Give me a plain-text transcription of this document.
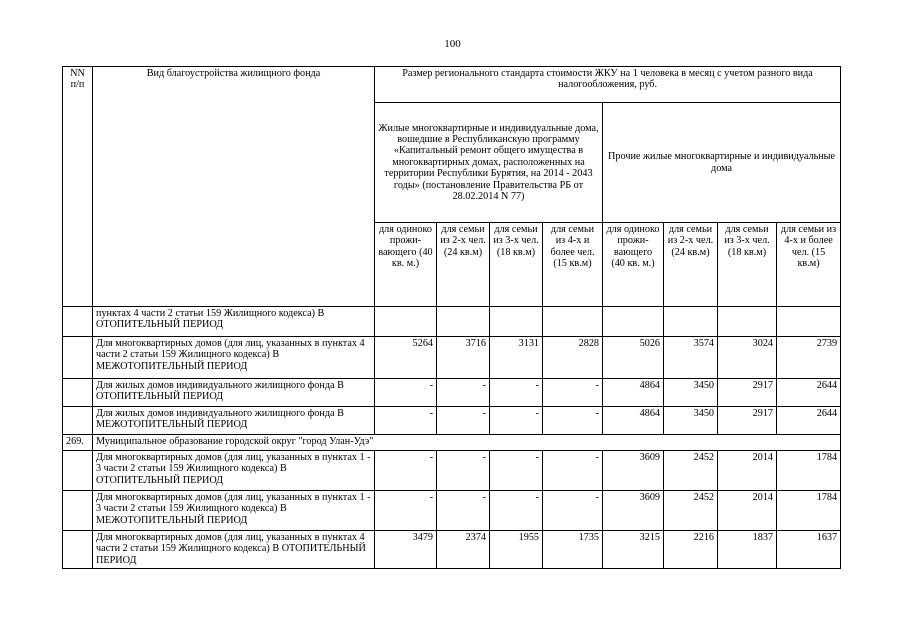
100
NN п/п	Вид благоустройства жилищного фонда	Размер регионального стандарта стоимости ЖКУ на 1 человека в месяц с учетом разного вида налогообложения, руб.							
		Жилые многоквартирные и индивидуальные дома, вошедшие в Республиканскую программу «Капитальный ремонт общего имущества в многоквартирных домах, расположенных на территории Республики Бурятия, на 2014 - 2043 годы» (постановление Правительства РБ от 28.02.2014 N 77)				Прочие жилые многоквартирные и индивидуальные дома			
		для одиноко прожи- вающего (40 кв. м.)	для семьи из 2-х чел. (24 кв.м)	для семьи из 3-х чел. (18 кв.м)	для семьи из 4-х и более чел. (15 кв.м)	для одиноко прожи- вающего (40 кв. м.)	для семьи из 2-х чел. (24 кв.м)	для семьи из 3-х чел. (18 кв.м)	для семьи из 4-х и более чел. (15 кв.м)
	пунктах 4 части 2 статьи 159 Жилищного кодекса) В ОТОПИТЕЛЬНЫЙ ПЕРИОД								
	Для многоквартирных домов (для лиц, указанных в пунктах 4 части 2 статьи 159 Жилищного кодекса) В МЕЖОТОПИТЕЛЬНЫЙ ПЕРИОД	5264	3716	3131	2828	5026	3574	3024	2739
	Для жилых домов индивидуального жилищного фонда В ОТОПИТЕЛЬНЫЙ ПЕРИОД	-	-	-	-	4864	3450	2917	2644
	Для жилых домов индивидуального жилищного фонда В МЕЖОТОПИТЕЛЬНЫЙ ПЕРИОД	-	-	-	-	4864	3450	2917	2644
269.	Муниципальное образование городской округ "город Улан-Удэ"								
	Для многоквартирных домов (для лиц, указанных в пунктах 1 - 3 части 2 статьи 159 Жилищного кодекса) В ОТОПИТЕЛЬНЫЙ ПЕРИОД	-	-	-	-	3609	2452	2014	1784
	Для многоквартирных домов (для лиц, указанных в пунктах 1 - 3 части 2 статьи 159 Жилищного кодекса) В МЕЖОТОПИТЕЛЬНЫЙ ПЕРИОД	-	-	-	-	3609	2452	2014	1784
	Для многоквартирных домов (для лиц, указанных в пунктах 4 части 2 статьи 159 Жилищного кодекса) В ОТОПИТЕЛЬНЫЙ ПЕРИОД	3479	2374	1955	1735	3215	2216	1837	1637
